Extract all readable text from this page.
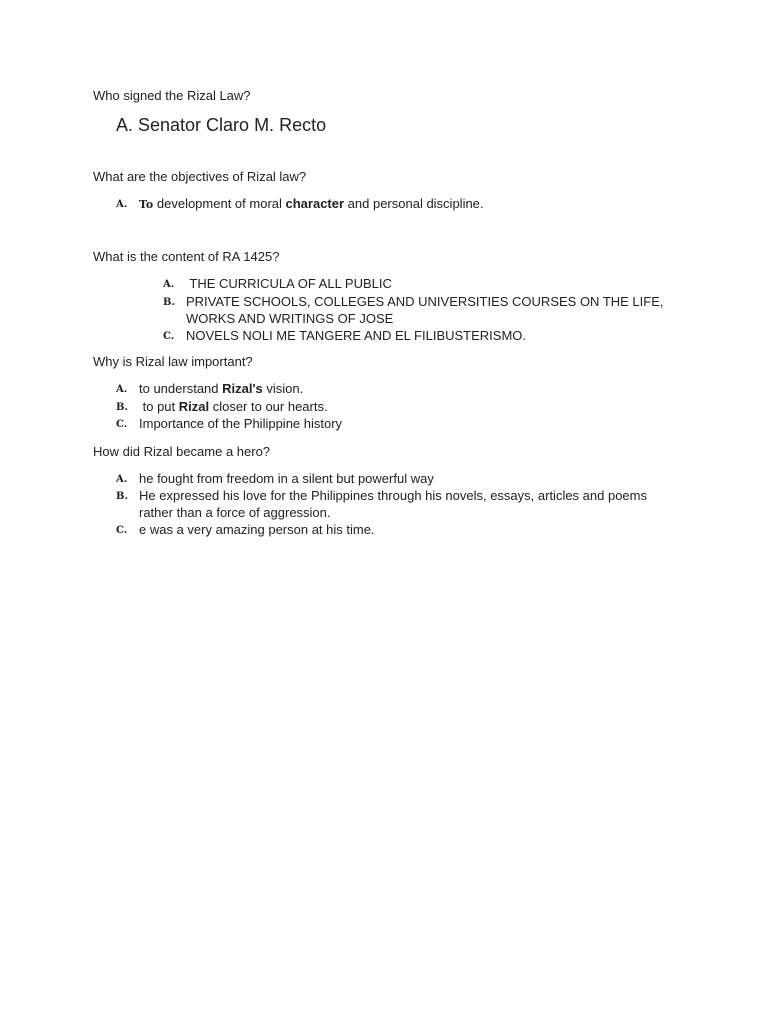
Who signed the Rizal Law?
A. Senator Claro M. Recto
What are the objectives of Rizal law?
A.	To development of moral character and personal discipline.
What is the content of RA 1425?
A. THE CURRICULA OF ALL PUBLIC
B. PRIVATE SCHOOLS, COLLEGES AND UNIVERSITIES COURSES ON THE LIFE, WORKS AND WRITINGS OF JOSE
C. NOVELS NOLI ME TANGERE AND EL FILIBUSTERISMO.
Why is Rizal law important?
A. to understand Rizal's vision.
B. to put Rizal closer to our hearts.
C. Importance of the Philippine history
How did Rizal became a hero?
A. he fought from freedom in a silent but powerful way
B. He expressed his love for the Philippines through his novels, essays, articles and poems rather than a force of aggression.
C. e was a very amazing person at his time.
